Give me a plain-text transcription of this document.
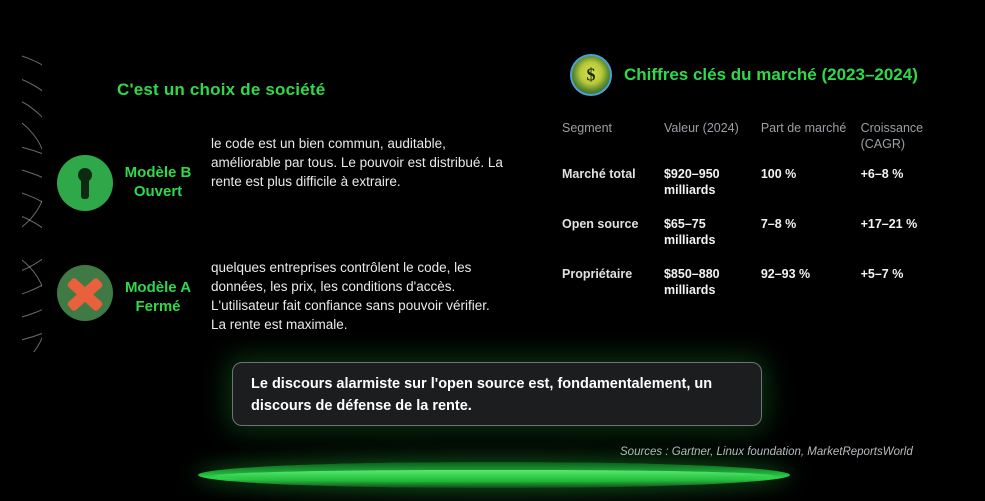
C'est un choix de société
Modèle B
Ouvert
le code est un bien commun, auditable, améliorable par tous. Le pouvoir est distribué. La rente est plus difficile à extraire.
Modèle A
Fermé
quelques entreprises contrôlent le code, les données, les prix, les conditions d'accès. L'utilisateur fait confiance sans pouvoir vérifier. La rente est maximale.
$
Chiffres clés du marché (2023–2024)
Segment	Valeur (2024)	Part de marché	Croissance (CAGR)
Marché total	$920–950 milliards	100 %	+6–8 %
Open source	$65–75 milliards	7–8 %	+17–21 %
Propriétaire	$850–880 milliards	92–93 %	+5–7 %
Le discours alarmiste sur l'open source est, fondamentalement, un discours de défense de la rente.
Sources : Gartner, Linux foundation, MarketReportsWorld
